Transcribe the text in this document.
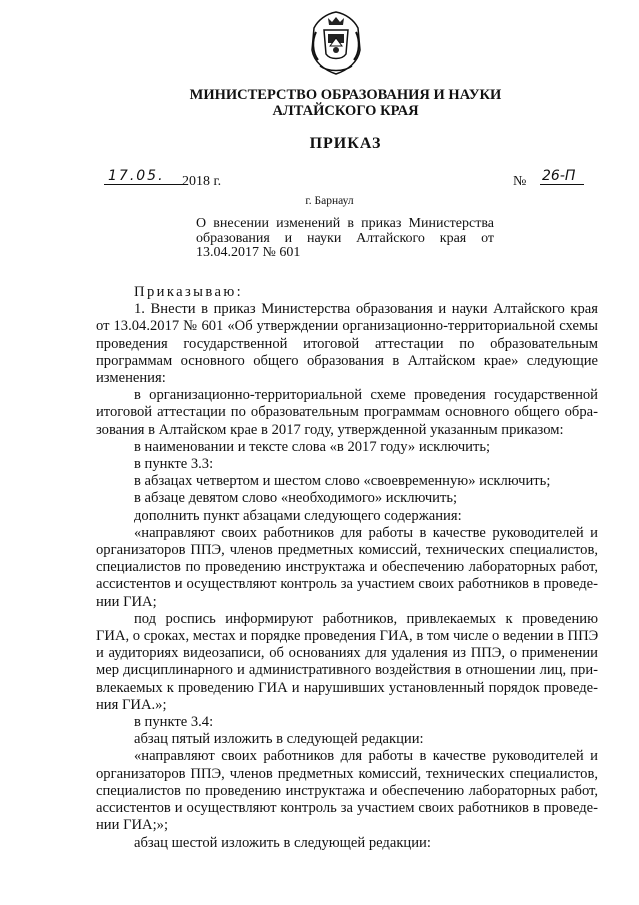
МИНИСТЕРСТВО ОБРАЗОВАНИЯ И НАУКИ
АЛТАЙСКОГО КРАЯ
ПРИКАЗ
17.05.	2018 г.	№ 26-П
г. Барнаул
О внесении изменений в приказ Министерства
образования и науки Алтайского края от
13.04.2017 № 601
Приказываю:
1. Внести в приказ Министерства образования и науки Алтайского края
от 13.04.2017 № 601 «Об утверждении организационно-территориальной схемы
проведения государственной итоговой аттестации по образовательным
программам основного общего образования в Алтайском крае» следующие
изменения:
в организационно-территориальной схеме проведения государственной
итоговой аттестации по образовательным программам основного общего обра-
зования в Алтайском крае в 2017 году, утвержденной указанным приказом:
в наименовании и тексте слова «в 2017 году» исключить;
в пункте 3.3:
в абзацах четвертом и шестом слово «своевременную» исключить;
в абзаце девятом слово «необходимого» исключить;
дополнить пункт абзацами следующего содержания:
«направляют своих работников для работы в качестве руководителей и
организаторов ППЭ, членов предметных комиссий, технических специалистов,
специалистов по проведению инструктажа и обеспечению лабораторных работ,
ассистентов и осуществляют контроль за участием своих работников в проведе-
нии ГИА;
под роспись информируют работников, привлекаемых к проведению
ГИА, о сроках, местах и порядке проведения ГИА, в том числе о ведении в ППЭ
и аудиториях видеозаписи, об основаниях для удаления из ППЭ, о применении
мер дисциплинарного и административного воздействия в отношении лиц, при-
влекаемых к проведению ГИА и нарушивших установленный порядок проведе-
ния ГИА.»;
в пункте 3.4:
абзац пятый изложить в следующей редакции:
«направляют своих работников для работы в качестве руководителей и
организаторов ППЭ, членов предметных комиссий, технических специалистов,
специалистов по проведению инструктажа и обеспечению лабораторных работ,
ассистентов и осуществляют контроль за участием своих работников в проведе-
нии ГИА;»;
абзац шестой изложить в следующей редакции:
